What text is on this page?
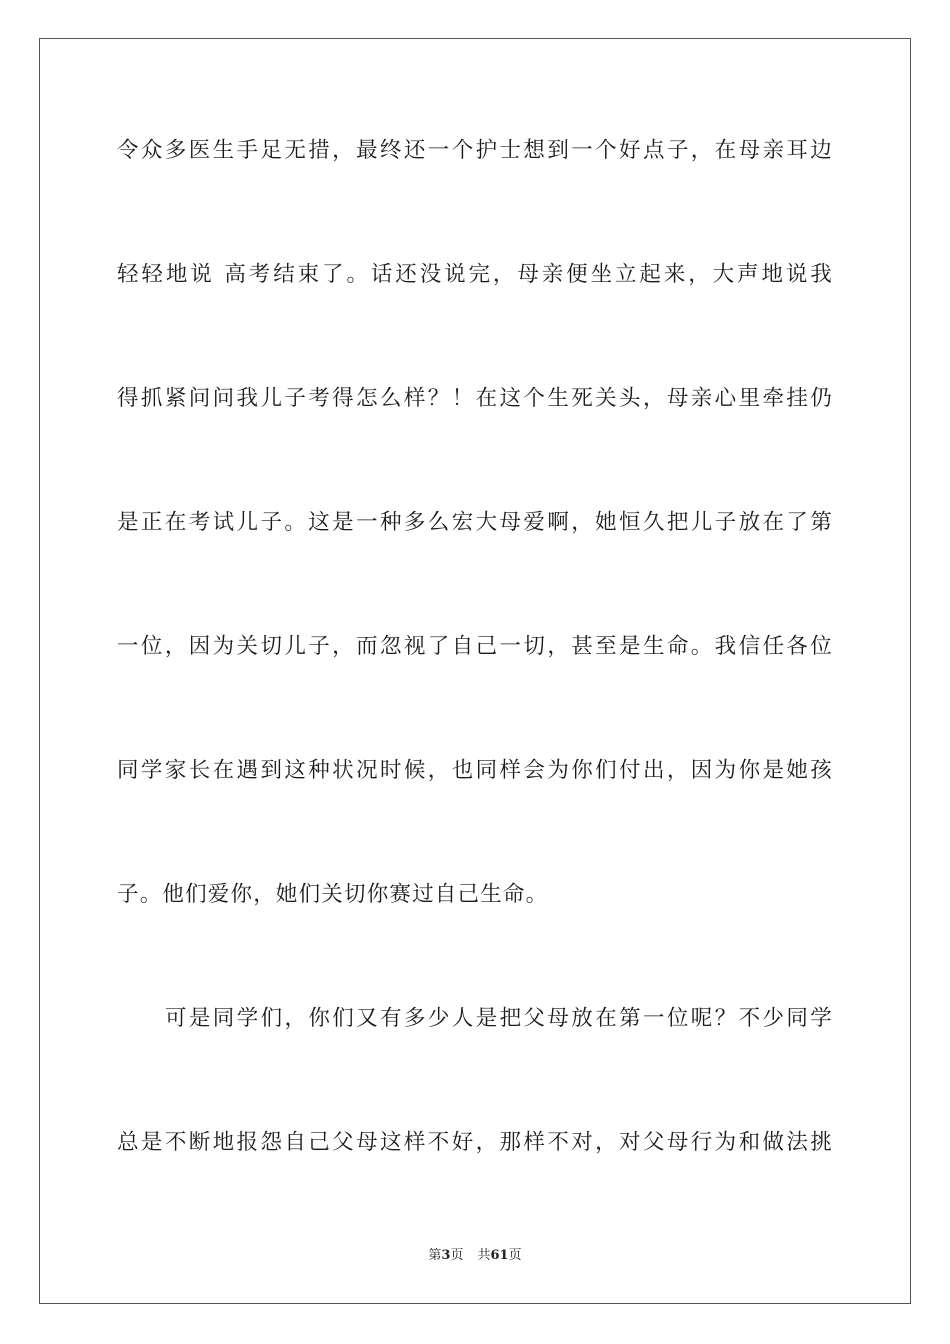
令众多医生手足无措，最终还一个护士想到一个好点子，在母亲耳边
轻轻地说 高考结束了。话还没说完，母亲便坐立起来，大声地说我
得抓紧问问我儿子考得怎么样？！在这个生死关头，母亲心里牵挂仍
是正在考试儿子。这是一种多么宏大母爱啊，她恒久把儿子放在了第
一位，因为关切儿子，而忽视了自己一切，甚至是生命。我信任各位
同学家长在遇到这种状况时候，也同样会为你们付出，因为你是她孩
子。他们爱你，她们关切你赛过自己生命。
可是同学们，你们又有多少人是把父母放在第一位呢？不少同学
总是不断地报怨自己父母这样不好，那样不对，对父母行为和做法挑
第3页 共61页
